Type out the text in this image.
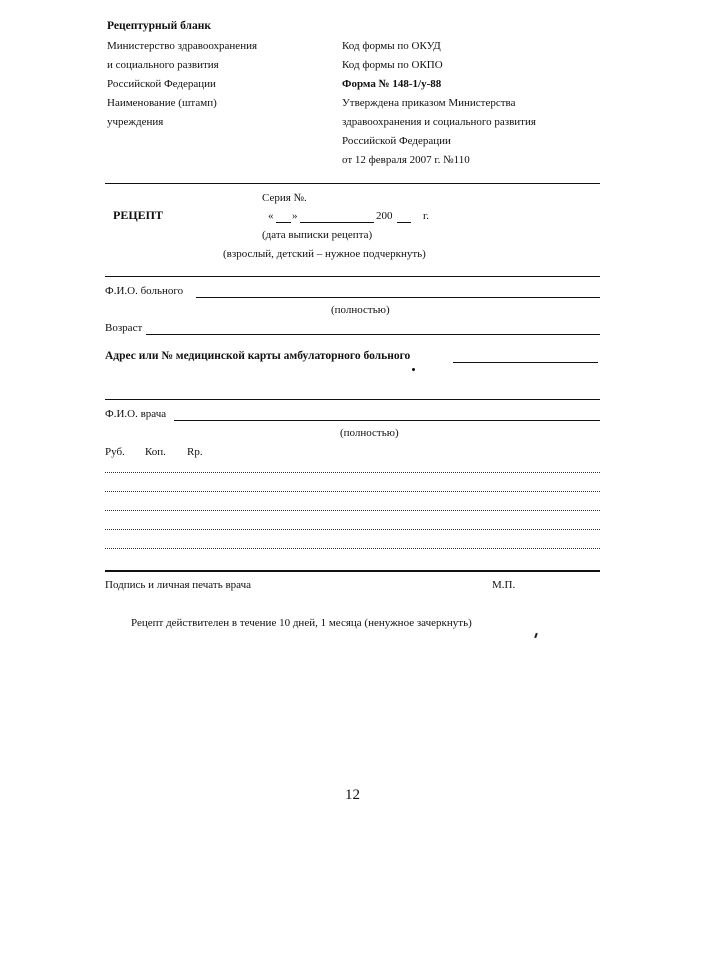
Рецептурный бланк
Министерство здравоохранения
и социального развития
Российской Федерации
Наименование (штамп)
учреждения
Код формы по ОКУД
Код формы по ОКПО
Форма № 148-1/у-88
Утверждена приказом Министерства
здравоохранения и социального развития
Российской Федерации
от 12 февраля 2007 г. №110
Серия №.
РЕЦЕПТ	« »	200	г.
(дата выписки рецепта)
(взрослый, детский – нужное подчеркнуть)
Ф.И.О. больного
(полностью)
Возраст
Адрес или № медицинской карты амбулаторного больного
Ф.И.О. врача
(полностью)
Руб. Коп. Rp.
Подпись и личная печать врача	М.П.
Рецепт действителен в течение 10 дней, 1 месяца (ненужное зачеркнуть)
12
